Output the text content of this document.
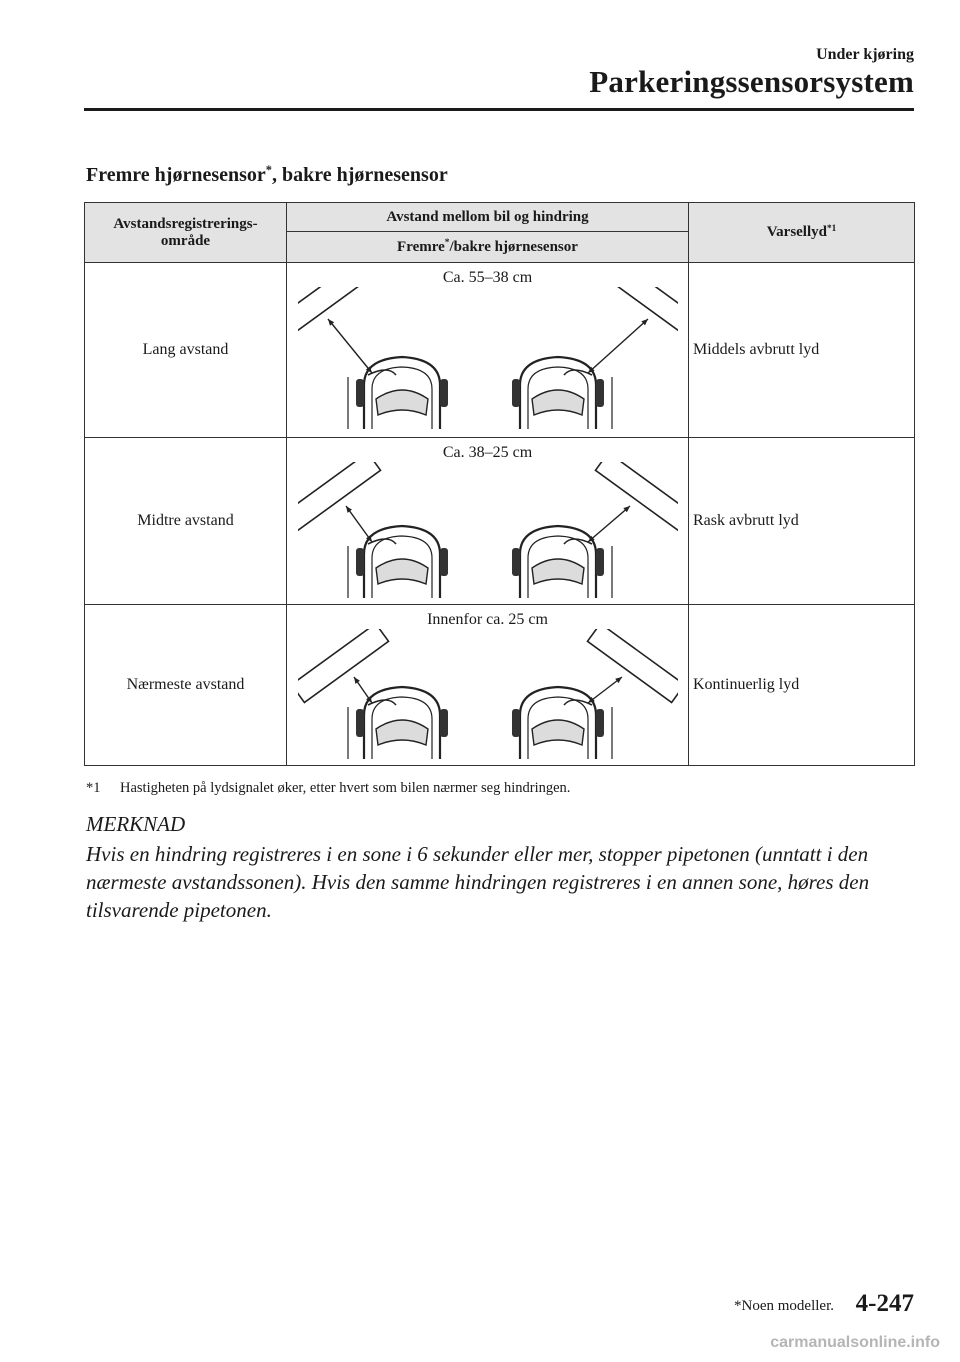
Under kjøring
Parkeringssensorsystem
Fremre hjørnesensor*, bakre hjørnesensor
Avstandsregistrerings-område	Avstand mellom bil og hindring	Varsellyd$^{*1}$
	Fremre*/bakre hjørnesensor	
Lang avstand	Ca. 55–38 cm	Middels avbrutt lyd
Midtre avstand	Ca. 38–25 cm	Rask avbrutt lyd
Nærmeste avstand	Innenfor ca. 25 cm	Kontinuerlig lyd
*1 Hastigheten på lydsignalet øker, etter hvert som bilen nærmer seg hindringen.
MERKNAD
Hvis en hindring registreres i en sone i 6 sekunder eller mer, stopper pipetonen (unntatt i den nærmeste avstandssonen). Hvis den samme hindringen registreres i en annen sone, høres den tilsvarende pipetonen.
*Noen modeller. 4-247
carmanualsonline.info
